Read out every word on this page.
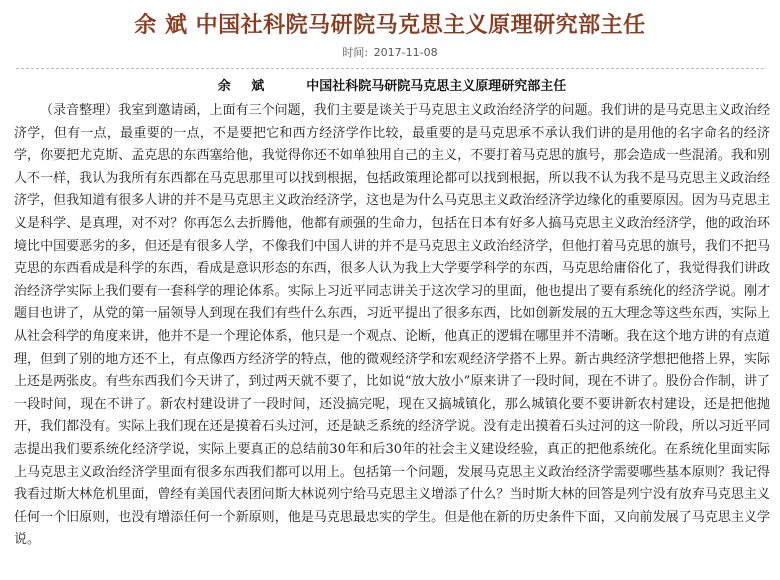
余 斌 中国社科院马研院马克思主义原理研究部主任
时间: 2017-11-08

余 斌	中国社科院马研院马克思主义原理研究部主任

（录音整理）我室到邀请函，上面有三个问题，我们主要是谈关于马克思主义政治经济学的问题。我们讲的是马克思主义政治经济学，但有一点，最重要的一点，不是要把它和西方经济学作比较，最重要的是马克思承不承认我们讲的是用他的名字命名的经济学，你要把尤克斯、孟克思的东西塞给他，我觉得你还不如单独用自己的主义，不要打着马克思的旗号，那会造成一些混淆。我和别人不一样，我认为我所有东西都在马克思那里可以找到根据，包括政策理论都可以找到根据，所以我不认为我不是马克思主义政治经济学，但我知道有很多人讲的并不是马克思主义政治经济学，这也是为什么马克思主义政治经济学边缘化的重要原因。因为马克思主义是科学、是真理，对不对？你再怎么去折腾他，他都有顽强的生命力，包括在日本有好多人搞马克思主义政治经济学，他的政治环境比中国要恶劣的多，但还是有很多人学，不像我们中国人讲的并不是马克思主义政治经济学，但他打着马克思的旗号，我们不把马克思的东西看成是科学的东西，看成是意识形态的东西，很多人认为我上大学要学科学的东西，马克思给庸俗化了，我觉得我们讲政治经济学实际上我们要有一套科学的理论体系。实际上习近平同志讲关于这次学习的里面，他也提出了要有系统化的经济学说。刚才题目也讲了，从党的第一届领导人到现在我们有些什么东西，习近平提出了很多东西，比如创新发展的五大理念等这些东西，实际上从社会科学的角度来讲，他并不是一个理论体系，他只是一个观点、论断，他真正的逻辑在哪里并不清晰。我在这个地方讲的有点道理，但到了别的地方还不上，有点像西方经济学的特点，他的微观经济学和宏观经济学搭不上界。新古典经济学想把他搭上界，实际上还是两张皮。有些东西我们今天讲了，到过两天就不要了，比如说“放大放小”原来讲了一段时间，现在不讲了。股份合作制，讲了一段时间，现在不讲了。新农村建设讲了一段时间，还没搞完呢，现在又搞城镇化，那么城镇化要不要讲新农村建设，还是把他抛开，我们都没有。实际上我们现在还是摸着石头过河，还是缺乏系统的经济学说。没有走出摸着石头过河的这一阶段，所以习近平同志提出我们要系统化经济学说，实际上要真正的总结前30年和后30年的社会主义建设经验，真正的把他系统化。在系统化里面实际上马克思主义政治经济学里面有很多东西我们都可以用上。包括第一个问题，发展马克思主义政治经济学需要哪些基本原则？我记得我看过斯大林危机里面，曾经有美国代表团问斯大林说列宁给马克思主义增添了什么？当时斯大林的回答是列宁没有放弃马克思主义任何一个旧原则，也没有增添任何一个新原则，他是马克思最忠实的学生。但是他在新的历史条件下面，又向前发展了马克思主义学说。
